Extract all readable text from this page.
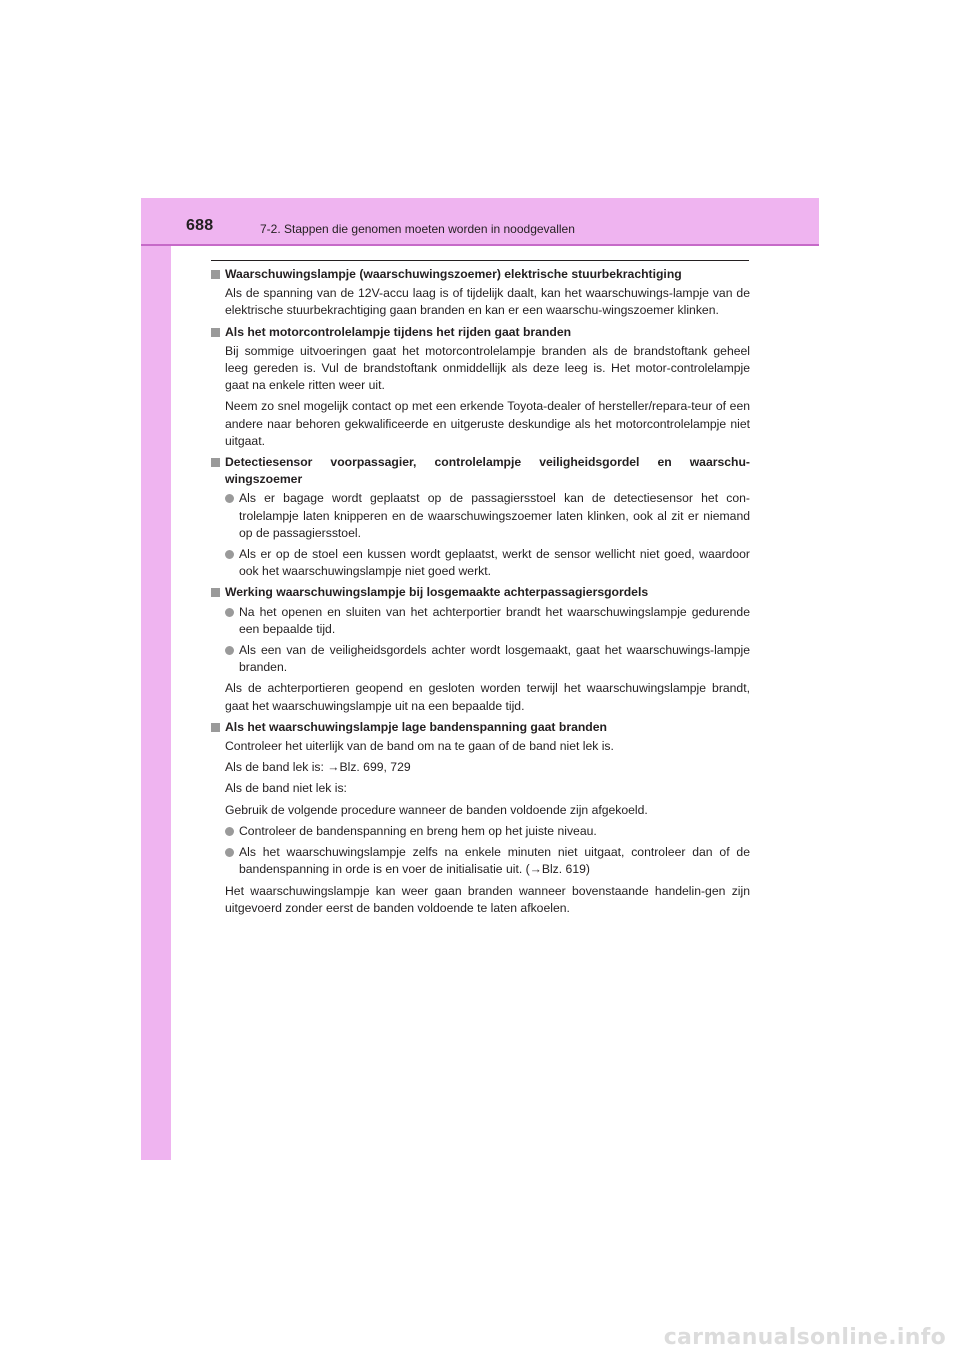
688	7-2. Stappen die genomen moeten worden in noodgevallen
Waarschuwingslampje (waarschuwingszoemer) elektrische stuurbekrachtiging
Als de spanning van de 12V-accu laag is of tijdelijk daalt, kan het waarschuwings-lampje van de elektrische stuurbekrachtiging gaan branden en kan er een waarschu-wingszoemer klinken.
Als het motorcontrolelampje tijdens het rijden gaat branden
Bij sommige uitvoeringen gaat het motorcontrolelampje branden als de brandstoftank geheel leeg gereden is. Vul de brandstoftank onmiddellijk als deze leeg is. Het motor-controlelampje gaat na enkele ritten weer uit.
Neem zo snel mogelijk contact op met een erkende Toyota-dealer of hersteller/repara-teur of een andere naar behoren gekwalificeerde en uitgeruste deskundige als het motorcontrolelampje niet uitgaat.
Detectiesensor voorpassagier, controlelampje veiligheidsgordel en waarschu-wingszoemer
Als er bagage wordt geplaatst op de passagiersstoel kan de detectiesensor het con-trolelampje laten knipperen en de waarschuwingszoemer laten klinken, ook al zit er niemand op de passagiersstoel.
Als er op de stoel een kussen wordt geplaatst, werkt de sensor wellicht niet goed, waardoor ook het waarschuwingslampje niet goed werkt.
Werking waarschuwingslampje bij losgemaakte achterpassagiersgordels
Na het openen en sluiten van het achterportier brandt het waarschuwingslampje gedurende een bepaalde tijd.
Als een van de veiligheidsgordels achter wordt losgemaakt, gaat het waarschuwings-lampje branden.
Als de achterportieren geopend en gesloten worden terwijl het waarschuwingslampje brandt, gaat het waarschuwingslampje uit na een bepaalde tijd.
Als het waarschuwingslampje lage bandenspanning gaat branden
Controleer het uiterlijk van de band om na te gaan of de band niet lek is.
Als de band lek is: →Blz. 699, 729
Als de band niet lek is:
Gebruik de volgende procedure wanneer de banden voldoende zijn afgekoeld.
Controleer de bandenspanning en breng hem op het juiste niveau.
Als het waarschuwingslampje zelfs na enkele minuten niet uitgaat, controleer dan of de bandenspanning in orde is en voer de initialisatie uit. (→Blz. 619)
Het waarschuwingslampje kan weer gaan branden wanneer bovenstaande handelin-gen zijn uitgevoerd zonder eerst de banden voldoende te laten afkoelen.
carmanualsonline.info
